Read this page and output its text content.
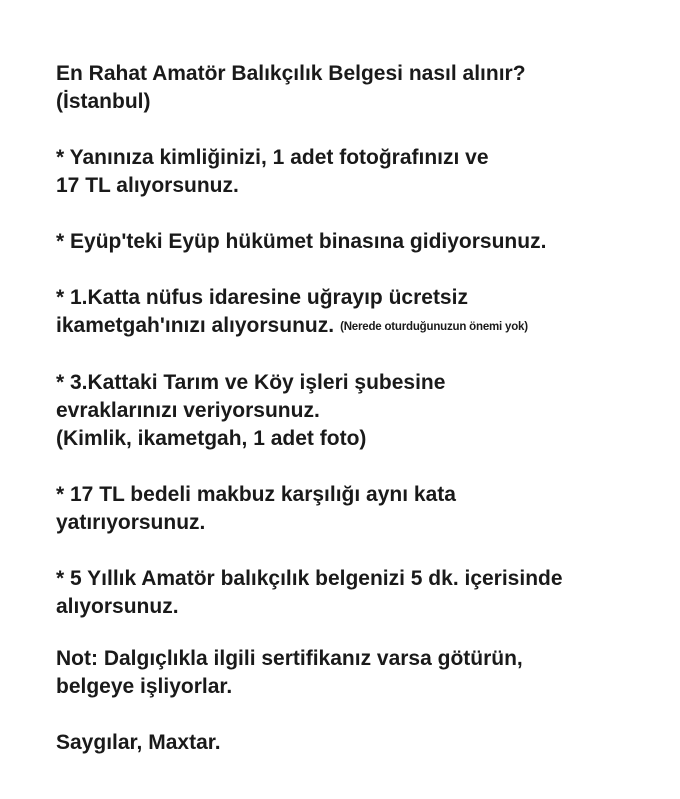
En Rahat Amatör Balıkçılık Belgesi nasıl alınır?

(İstanbul)

* Yanınıza kimliğinizi, 1 adet fotoğrafınızı ve

17 TL alıyorsunuz.

* Eyüp'teki Eyüp hükümet binasına gidiyorsunuz.

* 1.Katta nüfus idaresine uğrayıp ücretsiz

ikametgah'ınızı alıyorsunuz. (Nerede oturduğunuzun önemi yok)

* 3.Kattaki Tarım ve Köy işleri şubesine

evraklarınızı veriyorsunuz.

(Kimlik, ikametgah, 1 adet foto)

* 17 TL bedeli makbuz karşılığı aynı kata

yatırıyorsunuz.

* 5 Yıllık Amatör balıkçılık belgenizi 5 dk. içerisinde

alıyorsunuz.

Not: Dalgıçlıkla ilgili sertifikanız varsa götürün,

belgeye işliyorlar.

Saygılar, Maxtar.
